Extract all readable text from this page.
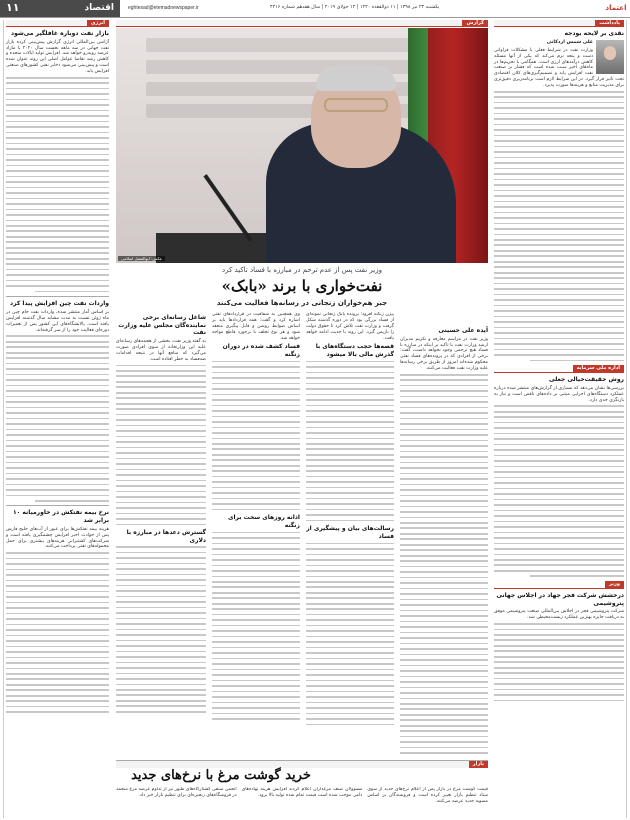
۱۱	اقتصاد	eghtesad@etemadnewspaper.ir	یکشنبه ۲۳ تیر ۱۳۹۸ | ۱۱ ذوالقعده ۱۴۴۰ | ۱۴ جولای ۲۰۱۹ | سال هفدهم شماره ۴۴۱۶	اعتماد
انرژی
بازار نفت دوباره غافلگیر می‌شود
آژانس بین‌المللی انرژی گزارش پیش‌بینی کرده بازار نفت جهانی در سه ماهه نخست سال ۲۰۲۰ با مازاد عرضه روبه‌رو خواهد شد. افزایش تولید ایالات متحده و کاهش رشد تقاضا عوامل اصلی این روند عنوان شده است و پیش‌بینی می‌شود ذخایر نفتی کشورهای صنعتی افزایش یابد.
واردات نفت چین افزایش پیدا کرد
بر اساس آمار منتشر شده، واردات نفت خام چین در ماه ژوئن نسبت به مدت مشابه سال گذشته افزایش یافته است. پالایشگاه‌های این کشور پس از تعمیرات دوره‌ای فعالیت خود را از سر گرفته‌اند.
نرخ بیمه نفتکش در خاورمیانه ۱۰ برابر شد
هزینه بیمه نفتکش‌ها برای عبور از آب‌های خلیج فارس پس از حوادث اخیر افزایش چشمگیری یافته است و شرکت‌های کشتیرانی هزینه‌های بیشتری برای حمل محموله‌های نفتی پرداخت می‌کنند.
گزارش
عکس: ابوالفضل اسلامی
وزیر نفت پس از عدم ترحم در مبارزه با فساد تاکید کرد
نفت‌خواری با برند «بابک»
جبر هم‌خواران زنجانی در رسانه‌ها فعالیت می‌کنند
آیده علی حسینی
وزیر نفت در مراسم معارفه و تکریم مدیران ارشد وزارت نفت با تاکید بر اینکه در مبارزه با فساد هیچ ترحمی وجود نخواهد داشت، گفت: برخی از افرادی که در پرونده‌های فساد نفتی محکوم شده‌اند امروز از طریق برخی رسانه‌ها علیه وزارت نفت فعالیت می‌کنند.
بیژن زنگنه افزود: پرونده بابک زنجانی نمونه‌ای از فساد بزرگی بود که در دوره گذشته شکل گرفت و وزارت نفت تلاش کرد تا حقوق دولت را بازپس گیرد. این روند با جدیت ادامه خواهد یافت.
قصه‌ها حجب دستگاه‌های با گذرش مالی بالا میشود
رسالت‌های بیان و پیشگیری از فساد
وی همچنین به شفافیت در قراردادهای نفتی اشاره کرد و گفت: همه قراردادها باید بر اساس ضوابط روشن و قابل پیگیری منعقد شود و هر نوع تخلف با برخورد قاطع مواجه خواهد شد.
فساد کشف شده در دوران زنگنه
اذانه روزهای سخت برای زنگنه
شاغل رسانه‌ای برخی نماینده‌گان مجلس علیه وزارت نفت
به گفته وزیر نفت، بخشی از هجمه‌های رسانه‌ای علیه این وزارتخانه از سوی افرادی صورت می‌گیرد که منافع آنها در نتیجه اقدامات ضدفساد به خطر افتاده است.
گسترش دعدها در مبارزه با دلاری
بازار
خرید گوشت مرغ با نرخ‌های جدید
قیمت گوشت مرغ در بازار پس از اعلام نرخ‌های جدید از سوی ستاد تنظیم بازار تغییر کرده است و فروشندگان بر اساس مصوبه جدید عرضه می‌کنند.
مسوولان صنف مرغداران اعلام کردند افزایش هزینه نهاده‌های دامی موجب شده است قیمت تمام شده تولید بالا برود.
انجمن صنفی کشتارگاه‌های طیور نیز از تداوم عرضه مرغ منجمد در فروشگاه‌های زنجیره‌ای برای تنظیم بازار خبر داد.
یادداشت
نقدی بر لایحه بودجه
علی شمس اردکانی
وزارت نفت در شرایط فعلی با مشکلات فراوانی دست و پنجه نرم می‌کند که یکی از آنها مسئله کاهش درآمدهای ارزی است. همگامی با تحریم‌ها در ماه‌های اخیر سبب شده است که فشار بر صنعت نفت افزایش یابد و تصمیم‌گیری‌های کلان اقتصادی تحت تاثیر قرار گیرد. در این شرایط لازم است برنامه‌ریزی دقیق‌تری برای مدیریت منابع و هزینه‌ها صورت پذیرد.
اداره ملی سرمایه
روش حقیقت‌خیالی جعلی
بررسی‌ها نشان می‌دهد که بسیاری از گزارش‌های منتشر شده درباره عملکرد دستگاه‌های اجرایی مبتنی بر داده‌های ناقص است و نیاز به بازنگری جدی دارد.
وزیر
درخشش شرکت فجر جهاد در اجلاس جهانی پتروشیمی
شرکت پتروشیمی فجر در اجلاس بین‌المللی صنعت پتروشیمی موفق به دریافت جایزه بهترین عملکرد زیست‌محیطی شد.
